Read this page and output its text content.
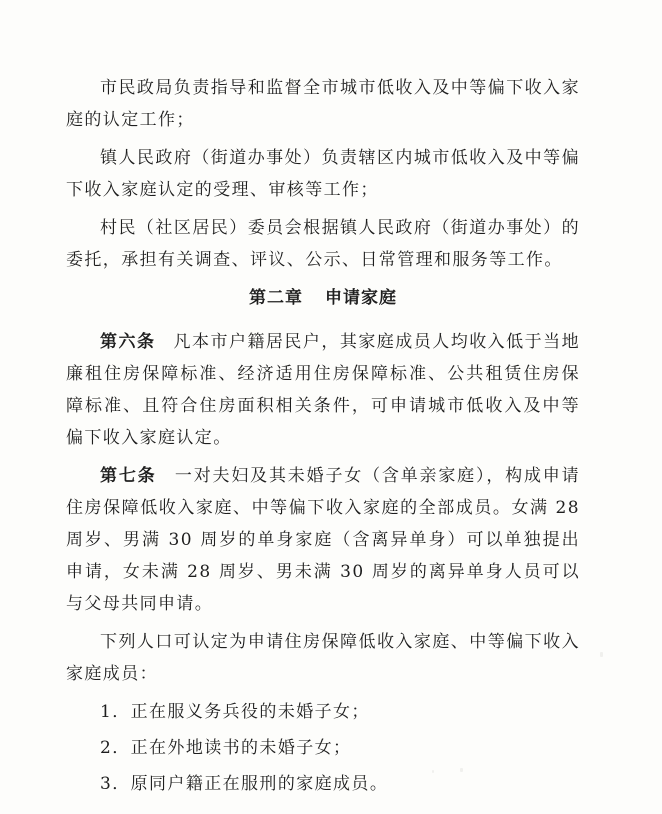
市民政局负责指导和监督全市城市低收入及中等偏下收入家庭的认定工作；

镇人民政府（街道办事处）负责辖区内城市低收入及中等偏下收入家庭认定的受理、审核等工作；

村民（社区居民）委员会根据镇人民政府（街道办事处）的委托，承担有关调查、评议、公示、日常管理和服务等工作。

第二章 申请家庭

第六条 凡本市户籍居民户，其家庭成员人均收入低于当地廉租住房保障标准、经济适用住房保障标准、公共租赁住房保障标准、且符合住房面积相关条件，可申请城市低收入及中等偏下收入家庭认定。

第七条 一对夫妇及其未婚子女（含单亲家庭），构成申请住房保障低收入家庭、中等偏下收入家庭的全部成员。女满 28 周岁、男满 30 周岁的单身家庭（含离异单身）可以单独提出申请，女未满 28 周岁、男未满 30 周岁的离异单身人员可以与父母共同申请。

下列人口可认定为申请住房保障低收入家庭、中等偏下收入家庭成员：

1．正在服义务兵役的未婚子女；
2．正在外地读书的未婚子女；
3．原同户籍正在服刑的家庭成员。
